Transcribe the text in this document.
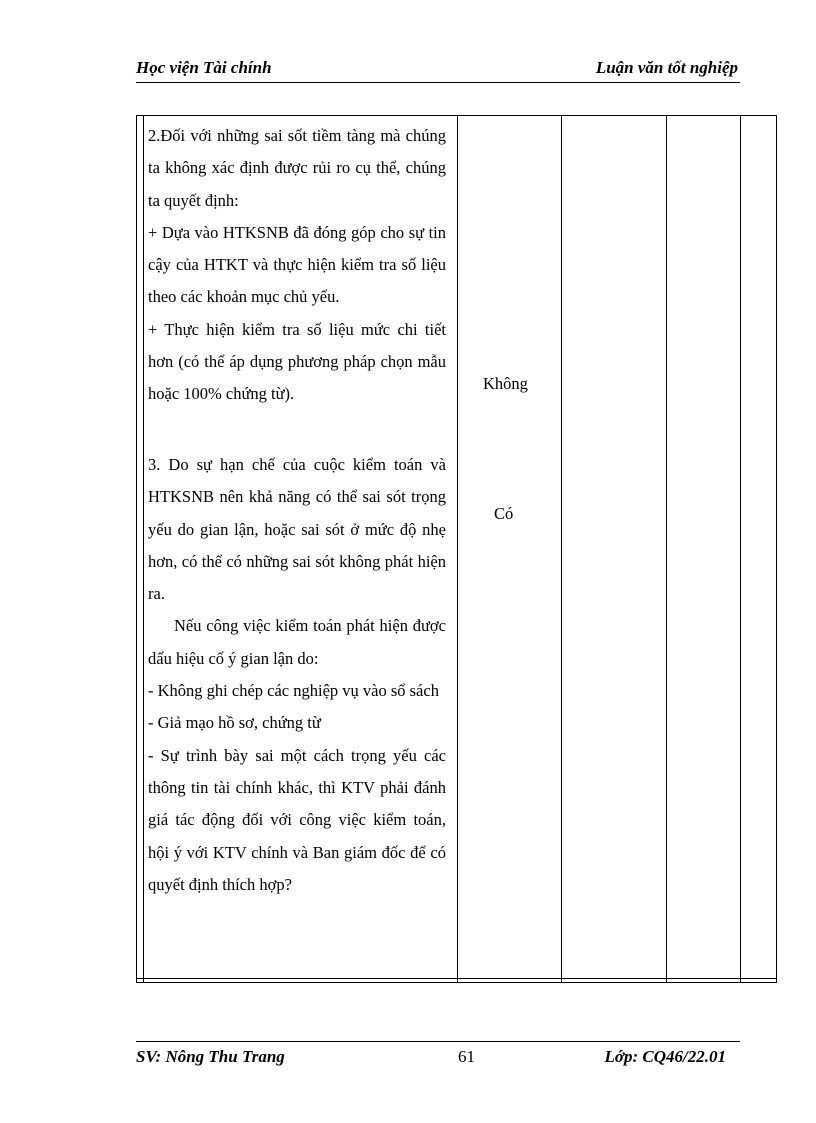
Học viện Tài chính	Luận văn tốt nghiệp

2.Đối với những sai sốt tiềm tàng mà chúng ta không xác định được rủi ro cụ thể, chúng ta quyết định:

+ Dựa vào HTKSNB đã đóng góp cho sự tin cậy của HTKT và thực hiện kiểm tra số liệu theo các khoản mục chủ yếu.

+ Thực hiện kiểm tra số liệu mức chi tiết hơn (có thể áp dụng phương pháp chọn mẫu hoặc 100% chứng từ).

3. Do sự hạn chế của cuộc kiểm toán và HTKSNB nên khả năng có thể sai sót trọng yếu do gian lận, hoặc sai sót ở mức độ nhẹ hơn, có thể có những sai sót không phát hiện ra.

Nếu công việc kiểm toán phát hiện được dấu hiệu cố ý gian lận do:

- Không ghi chép các nghiệp vụ vào sổ sách

- Giả mạo hồ sơ, chứng từ

- Sự trình bày sai một cách trọng yếu các thông tin tài chính khác, thì KTV phải đánh giá tác động đối với công việc kiểm toán, hội ý với KTV chính và Ban giám đốc để có quyết định thích hợp?

Không
Có
SV: Nông Thu Trang	61	Lớp: CQ46/22.01
